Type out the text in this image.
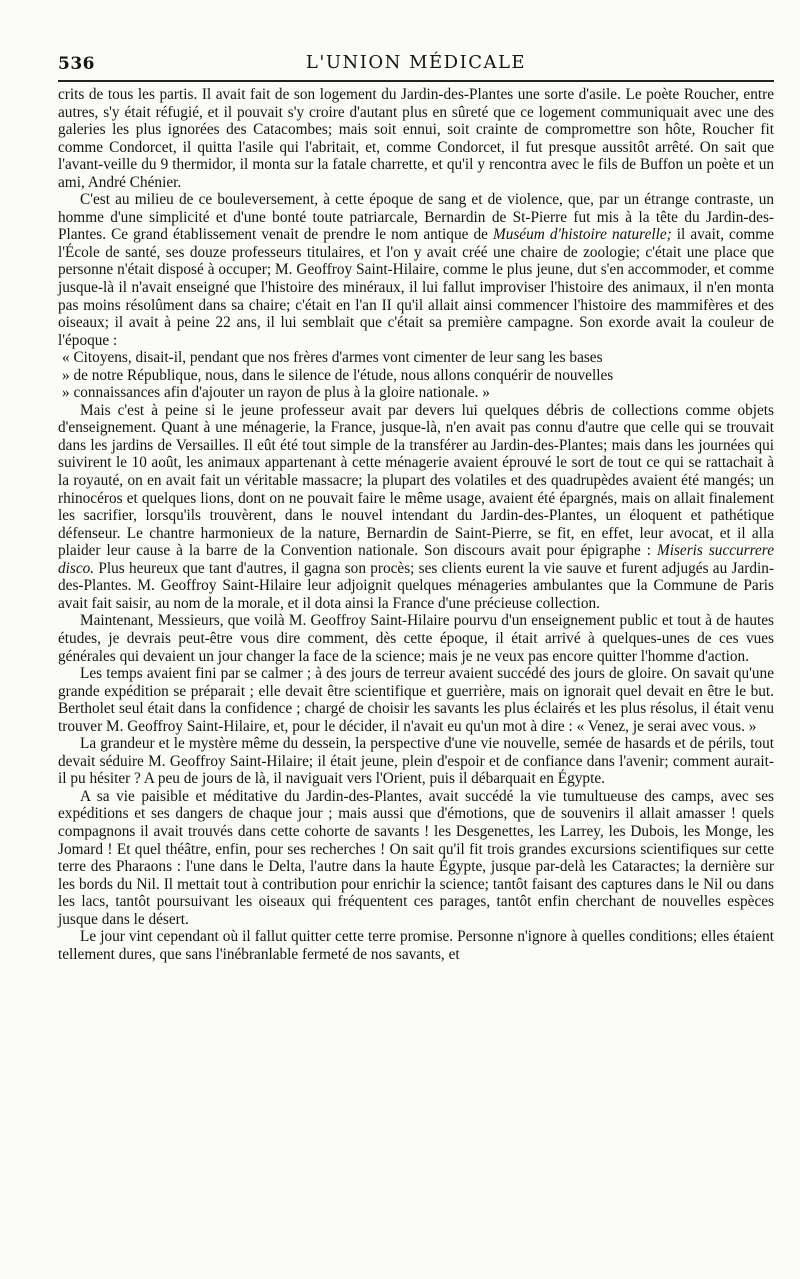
536	L'UNION MÉDICALE

crits de tous les partis. Il avait fait de son logement du Jardin-des-Plantes une sorte d'asile. Le poète Roucher, entre autres, s'y était réfugié, et il pouvait s'y croire d'autant plus en sûreté que ce logement communiquait avec une des galeries les plus ignorées des Catacombes; mais soit ennui, soit crainte de compromettre son hôte, Roucher fit comme Condorcet, il quitta l'asile qui l'abritait, et, comme Condorcet, il fut presque aussitôt arrêté. On sait que l'avant-veille du 9 thermidor, il monta sur la fatale charrette, et qu'il y rencontra avec le fils de Buffon un poète et un ami, André Chénier.

C'est au milieu de ce bouleversement, à cette époque de sang et de violence, que, par un étrange contraste, un homme d'une simplicité et d'une bonté toute patriarcale, Bernardin de St-Pierre fut mis à la tête du Jardin-des-Plantes. Ce grand établissement venait de prendre le nom antique de Muséum d'histoire naturelle; il avait, comme l'École de santé, ses douze professeurs titulaires, et l'on y avait créé une chaire de zoologie; c'était une place que personne n'était disposé à occuper; M. Geoffroy Saint-Hilaire, comme le plus jeune, dut s'en accommoder, et comme jusque-là il n'avait enseigné que l'histoire des minéraux, il lui fallut improviser l'histoire des animaux, il n'en monta pas moins résolûment dans sa chaire; c'était en l'an II qu'il allait ainsi commencer l'histoire des mammifères et des oiseaux; il avait à peine 22 ans, il lui semblait que c'était sa première campagne. Son exorde avait la couleur de l'époque :

« Citoyens, disait-il, pendant que nos frères d'armes vont cimenter de leur sang les bases
» de notre République, nous, dans le silence de l'étude, nous allons conquérir de nouvelles
» connaissances afin d'ajouter un rayon de plus à la gloire nationale. »

Mais c'est à peine si le jeune professeur avait par devers lui quelques débris de collections comme objets d'enseignement. Quant à une ménagerie, la France, jusque-là, n'en avait pas connu d'autre que celle qui se trouvait dans les jardins de Versailles. Il eût été tout simple de la transférer au Jardin-des-Plantes; mais dans les journées qui suivirent le 10 août, les animaux appartenant à cette ménagerie avaient éprouvé le sort de tout ce qui se rattachait à la royauté, on en avait fait un véritable massacre; la plupart des volatiles et des quadrupèdes avaient été mangés; un rhinocéros et quelques lions, dont on ne pouvait faire le même usage, avaient été épargnés, mais on allait finalement les sacrifier, lorsqu'ils trouvèrent, dans le nouvel intendant du Jardin-des-Plantes, un éloquent et pathétique défenseur. Le chantre harmonieux de la nature, Bernardin de Saint-Pierre, se fit, en effet, leur avocat, et il alla plaider leur cause à la barre de la Convention nationale. Son discours avait pour épigraphe : Miseris succurrere disco. Plus heureux que tant d'autres, il gagna son procès; ses clients eurent la vie sauve et furent adjugés au Jardin-des-Plantes. M. Geoffroy Saint-Hilaire leur adjoignit quelques ménageries ambulantes que la Commune de Paris avait fait saisir, au nom de la morale, et il dota ainsi la France d'une précieuse collection.

Maintenant, Messieurs, que voilà M. Geoffroy Saint-Hilaire pourvu d'un enseignement public et tout à de hautes études, je devrais peut-être vous dire comment, dès cette époque, il était arrivé à quelques-unes de ces vues générales qui devaient un jour changer la face de la science; mais je ne veux pas encore quitter l'homme d'action.

Les temps avaient fini par se calmer ; à des jours de terreur avaient succédé des jours de gloire. On savait qu'une grande expédition se préparait ; elle devait être scientifique et guerrière, mais on ignorait quel devait en être le but. Bertholet seul était dans la confidence ; chargé de choisir les savants les plus éclairés et les plus résolus, il était venu trouver M. Geoffroy Saint-Hilaire, et, pour le décider, il n'avait eu qu'un mot à dire : « Venez, je serai avec vous. »

La grandeur et le mystère même du dessein, la perspective d'une vie nouvelle, semée de hasards et de périls, tout devait séduire M. Geoffroy Saint-Hilaire; il était jeune, plein d'espoir et de confiance dans l'avenir; comment aurait-il pu hésiter ? A peu de jours de là, il naviguait vers l'Orient, puis il débarquait en Égypte.

A sa vie paisible et méditative du Jardin-des-Plantes, avait succédé la vie tumultueuse des camps, avec ses expéditions et ses dangers de chaque jour ; mais aussi que d'émotions, que de souvenirs il allait amasser ! quels compagnons il avait trouvés dans cette cohorte de savants ! les Desgenettes, les Larrey, les Dubois, les Monge, les Jomard ! Et quel théâtre, enfin, pour ses recherches ! On sait qu'il fit trois grandes excursions scientifiques sur cette terre des Pharaons : l'une dans le Delta, l'autre dans la haute Égypte, jusque par-delà les Cataractes; la dernière sur les bords du Nil. Il mettait tout à contribution pour enrichir la science; tantôt faisant des captures dans le Nil ou dans les lacs, tantôt poursuivant les oiseaux qui fréquentent ces parages, tantôt enfin cherchant de nouvelles espèces jusque dans le désert.

Le jour vint cependant où il fallut quitter cette terre promise. Personne n'ignore à quelles conditions; elles étaient tellement dures, que sans l'inébranlable fermeté de nos savants, et
